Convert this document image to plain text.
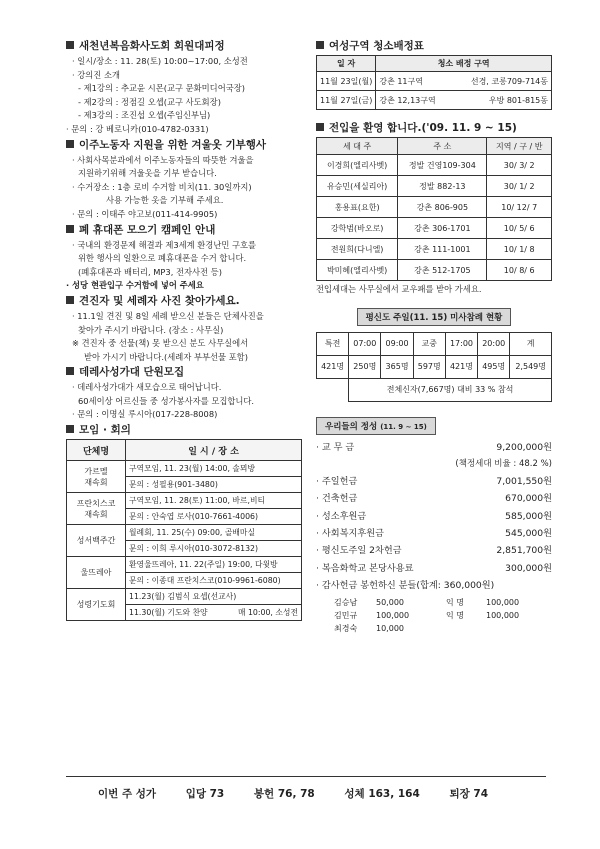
새천년복음화사도회 회원대피정
· 일시/장소 : 11. 28(토) 10:00~17:00, 소성전
· 강의진 소개
- 제1강의 : 추교윤 시몬(교구 문화미디어국장)
- 제2강의 : 정점길 오셉(교구 사도회장)
- 제3강의 : 조진섭 오셉(주임신부님)
· 문의 : 강 베로니카(010-4782-0331)
이주노동자 지원을 위한 겨울옷 기부행사
· 사회사목분과에서 이주노동자들의 따뜻한 겨울을
지원하기위해 겨울옷을 기부 받습니다.
· 수거장소 : 1층 로비 수거함 비치(11. 30일까지)
사용 가능한 옷을 기부해 주세요.
· 문의 : 이태주 야고보(011-414-9905)
폐 휴대폰 모으기 캠페인 안내
· 국내의 환경문제 해결과 제3세계 환경난민 구호를
위한 행사의 일환으로 폐휴대폰을 수거 합니다.
(폐휴대폰과 배터리, MP3, 전자사전 등)
· 성당 현관입구 수거함에 넣어 주세요
견진자 및 세례자 사진 찾아가세요.
· 11.1일 견진 및 8일 세례 받으신 분들은 단체사진을
찾아가 주시기 바랍니다. (장소 : 사무실)
※ 견진자 중 선물(책) 못 받으신 분도 사무실에서
받아 가시기 바랍니다.(세례자 부부선물 포함)
데레사성가대 단원모집
· 데레사성가대가 새모습으로 태어납니다.
60세이상 어르신들 중 성가봉사자를 모집합니다.
· 문의 : 이명실 루시아(017-228-8008)
모임 · 회의
단체명	일 시 / 장 소
가르멜
재속회	구역모임, 11. 23(월) 14:00, 솔뫼방
	문의 : 성필용(901-3480)
프란치스코
재속회	구역모임, 11. 28(토) 11:00, 바르,비티
	문의 : 안숙엽 로사(010-7661-4006)
성서백주간	월례회, 11. 25(수) 09:00, 골배마실
	문의 : 이희 루시아(010-3072-8132)
울뜨레아	환영울뜨레아, 11. 22(주일) 19:00, 다윗방
	문의 : 이종대 프란치스코(010-9961-6080)
성령기도회	11.23(월) 김범식 요셉(선교사)
	11.30(월) 기도와 찬양 매 10:00, 소성전
여성구역 청소배정표
일 자	청소 배정 구역	
11월 23일(월)	강촌 11구역	선경, 코롱709-714동
11월 27일(금)	강촌 12,13구역	우방 801-815동
전입을 환영 합니다.('09. 11. 9 ~ 15)
세 대 주	주 소	지역 / 구 / 반
이경희(엘리사벳)	정발 건영109-304	30/ 3/ 2
유승민(세실리아)	정발 882-13	30/ 1/ 2
홍용표(요한)	강촌 806-905	10/ 12/ 7
강학범(바오로)	강촌 306-1701	10/ 5/ 6
전원희(다니엘)	강촌 111-1001	10/ 1/ 8
박미혜(엘리사벳)	강촌 512-1705	10/ 8/ 6
전입세대는 사무실에서 교우패를 받아 가세요.
평신도 주일(11. 15) 미사참례 현황
특전	07:00	09:00	교중	17:00	20:00	계
421명	250명	365명	597명	421명	495명	2,549명
	전체신자(7,667명) 대비 33 % 참석					
우리들의 정성 (11. 9 ~ 15)
· 교 무 금	9,200,000원
(책정세대 비율 : 48.2 %)
· 주일헌금	7,001,550원
· 건축헌금	670,000원
· 성소후원금	585,000원
· 사회복지후원금	545,000원
· 평신도주일 2차헌금	2,851,700원
· 복음화학교 본당사용료	300,000원
· 감사헌금 봉헌하신 분들(합계: 360,000원)
김승남 50,000	익 명	100,000
김민규 100,000	익 명	100,000
최경숙 10,000
이번 주 성가	입당 73	봉헌 76, 78	성체 163, 164	퇴장 74
